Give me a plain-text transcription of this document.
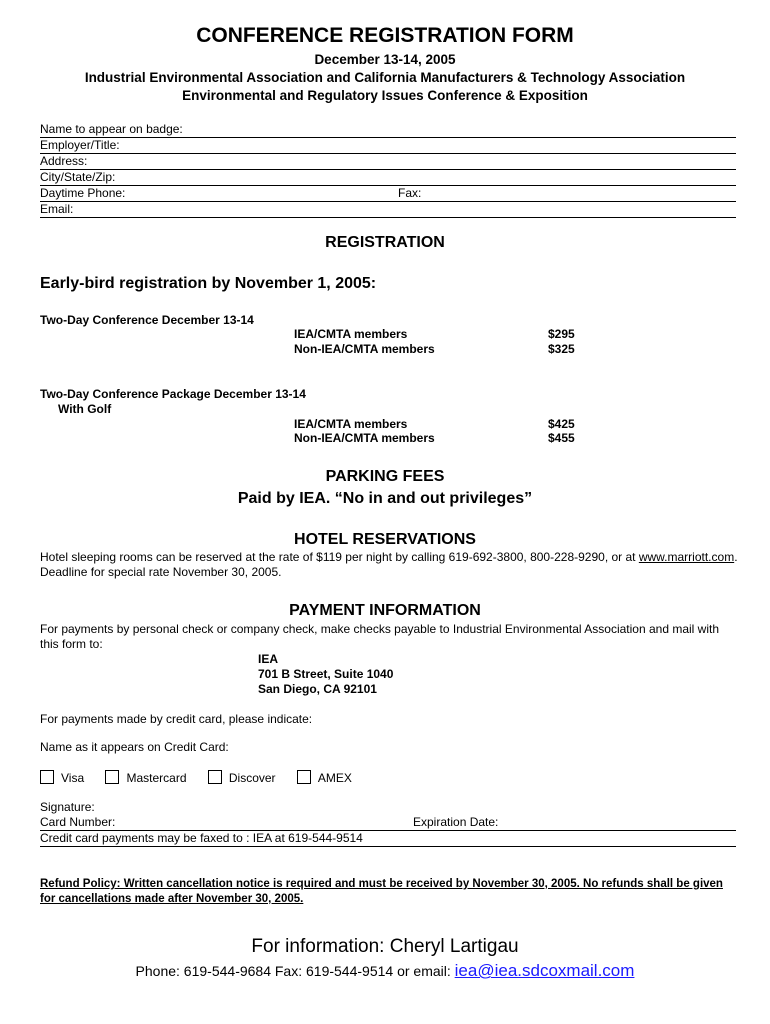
CONFERENCE REGISTRATION FORM
December 13-14, 2005
Industrial Environmental Association and California Manufacturers & Technology Association
Environmental and Regulatory Issues Conference & Exposition
Name to appear on badge:
Employer/Title:
Address:
City/State/Zip:
Daytime Phone:	Fax:
Email:
REGISTRATION
Early-bird registration by November 1, 2005:
Two-Day Conference December 13-14
IEA/CMTA members	$295
Non-IEA/CMTA members	$325
Two-Day Conference Package December 13-14
With Golf
IEA/CMTA members	$425
Non-IEA/CMTA members	$455
PARKING FEES
Paid by IEA. “No in and out privileges”
HOTEL RESERVATIONS
Hotel sleeping rooms can be reserved at the rate of $119 per night by calling 619-692-3800, 800-228-9290, or at www.marriott.com. Deadline for special rate November 30, 2005.
PAYMENT INFORMATION
For payments by personal check or company check, make checks payable to Industrial Environmental Association and mail with this form to:
IEA
701 B Street, Suite 1040
San Diego, CA 92101
For payments made by credit card, please indicate:
Name as it appears on Credit Card:
Visa	Mastercard	Discover	AMEX
Signature:
Card Number:	Expiration Date:
Credit card payments may be faxed to : IEA at 619-544-9514
Refund Policy: Written cancellation notice is required and must be received by November 30, 2005. No refunds shall be given for cancellations made after November 30, 2005.
For information: Cheryl Lartigau
Phone: 619-544-9684 Fax: 619-544-9514 or email: iea@iea.sdcoxmail.com
